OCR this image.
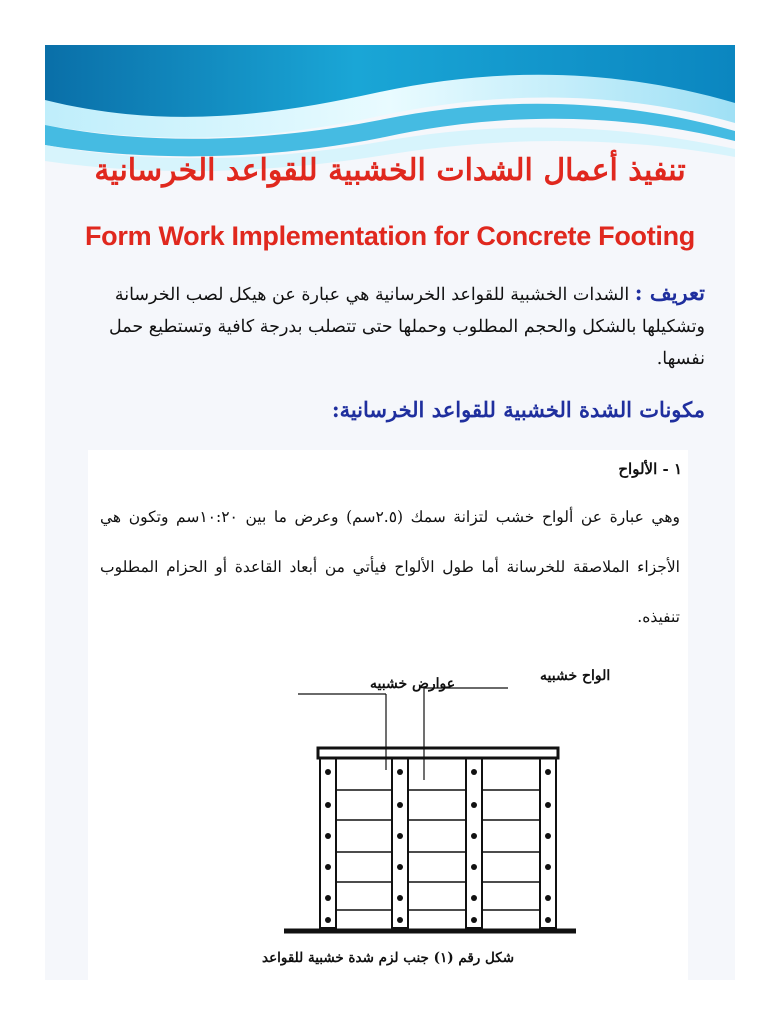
تنفيذ أعمال الشدات الخشبية للقواعد الخرسانية
Form Work Implementation for Concrete Footing

تعريف : الشدات الخشبية للقواعد الخرسانية هي عبارة عن هيكل لصب الخرسانة وتشكيلها بالشكل والحجم المطلوب وحملها حتى تتصلب بدرجة كافية وتستطيع حمل نفسها.

مكونات الشدة الخشبية للقواعد الخرسانية:

١ - الألواح

وهي عبارة عن ألواح خشب لتزانة سمك (٢.٥سم) وعرض ما بين ١٠:٢٠سم وتكون هي الأجزاء الملاصقة للخرسانة أما طول الألواح فيأتي من أبعاد القاعدة أو الحزام المطلوب تنفيذه.

عوارض خشبيه	الواح خشبيه

شكل رقم (١) جنب لزم شدة خشبية للقواعد
